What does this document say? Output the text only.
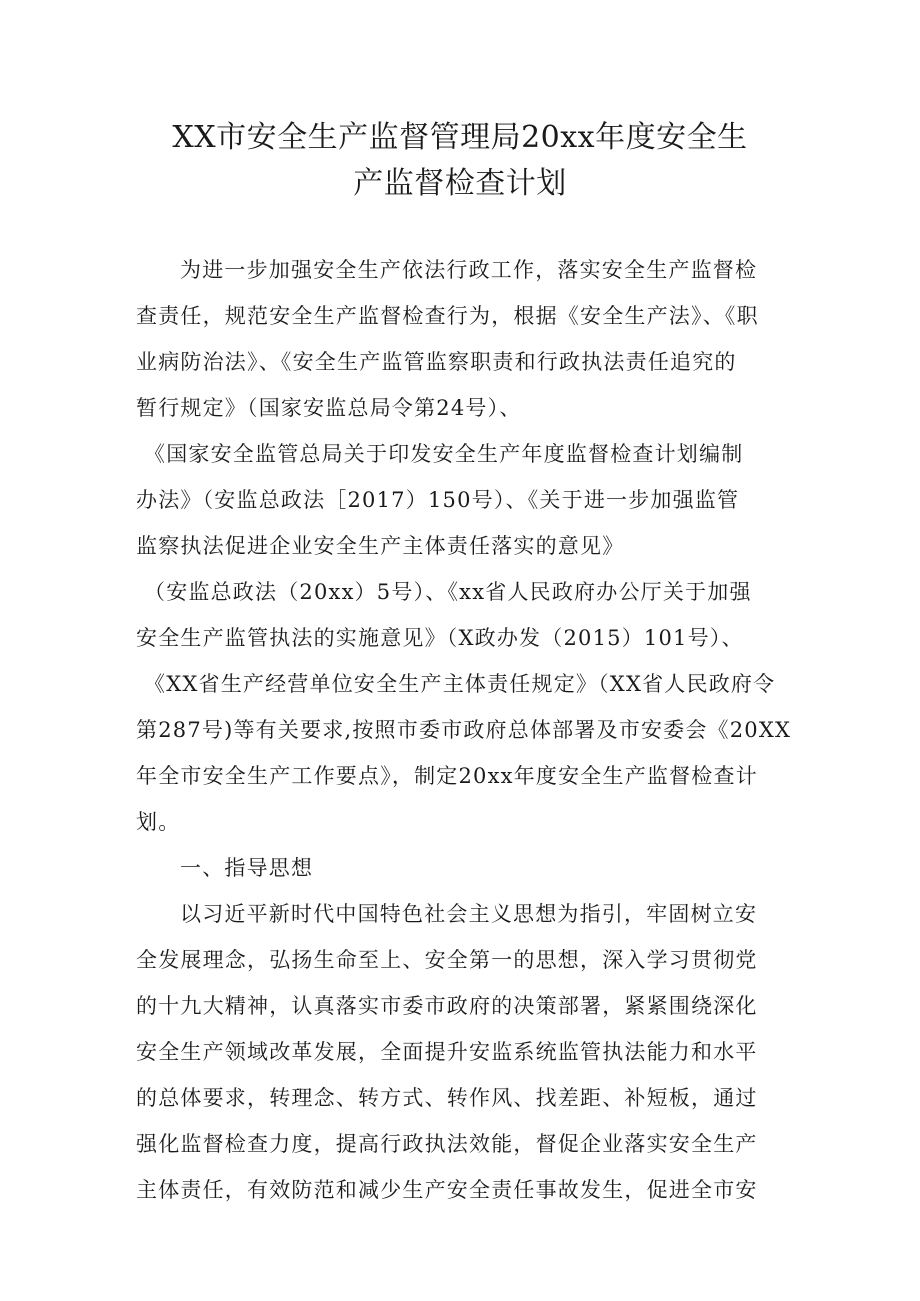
XX市安全生产监督管理局20xx年度安全生
产监督检查计划
为进一步加强安全生产依法行政工作，落实安全生产监督检
查责任，规范安全生产监督检查行为，根据《安全生产法》、《职
业病防治法》、《安全生产监管监察职责和行政执法责任追究的
暂行规定》（国家安监总局令第24号）、
《国家安全监管总局关于印发安全生产年度监督检查计划编制
办法》（安监总政法［2017）150号）、《关于进一步加强监管
监察执法促进企业安全生产主体责任落实的意见》
（安监总政法（20xx）5号）、《xx省人民政府办公厅关于加强
安全生产监管执法的实施意见》（X政办发（2015）101号）、
《XX省生产经营单位安全生产主体责任规定》（XX省人民政府令
第287号)等有关要求,按照市委市政府总体部署及市安委会《20XX
年全市安全生产工作要点》，制定20xx年度安全生产监督检查计
划。
一、指导思想
以习近平新时代中国特色社会主义思想为指引，牢固树立安
全发展理念，弘扬生命至上、安全第一的思想，深入学习贯彻党
的十九大精神，认真落实市委市政府的决策部署，紧紧围绕深化
安全生产领域改革发展，全面提升安监系统监管执法能力和水平
的总体要求，转理念、转方式、转作风、找差距、补短板，通过
强化监督检查力度，提高行政执法效能，督促企业落实安全生产
主体责任，有效防范和减少生产安全责任事故发生，促进全市安
